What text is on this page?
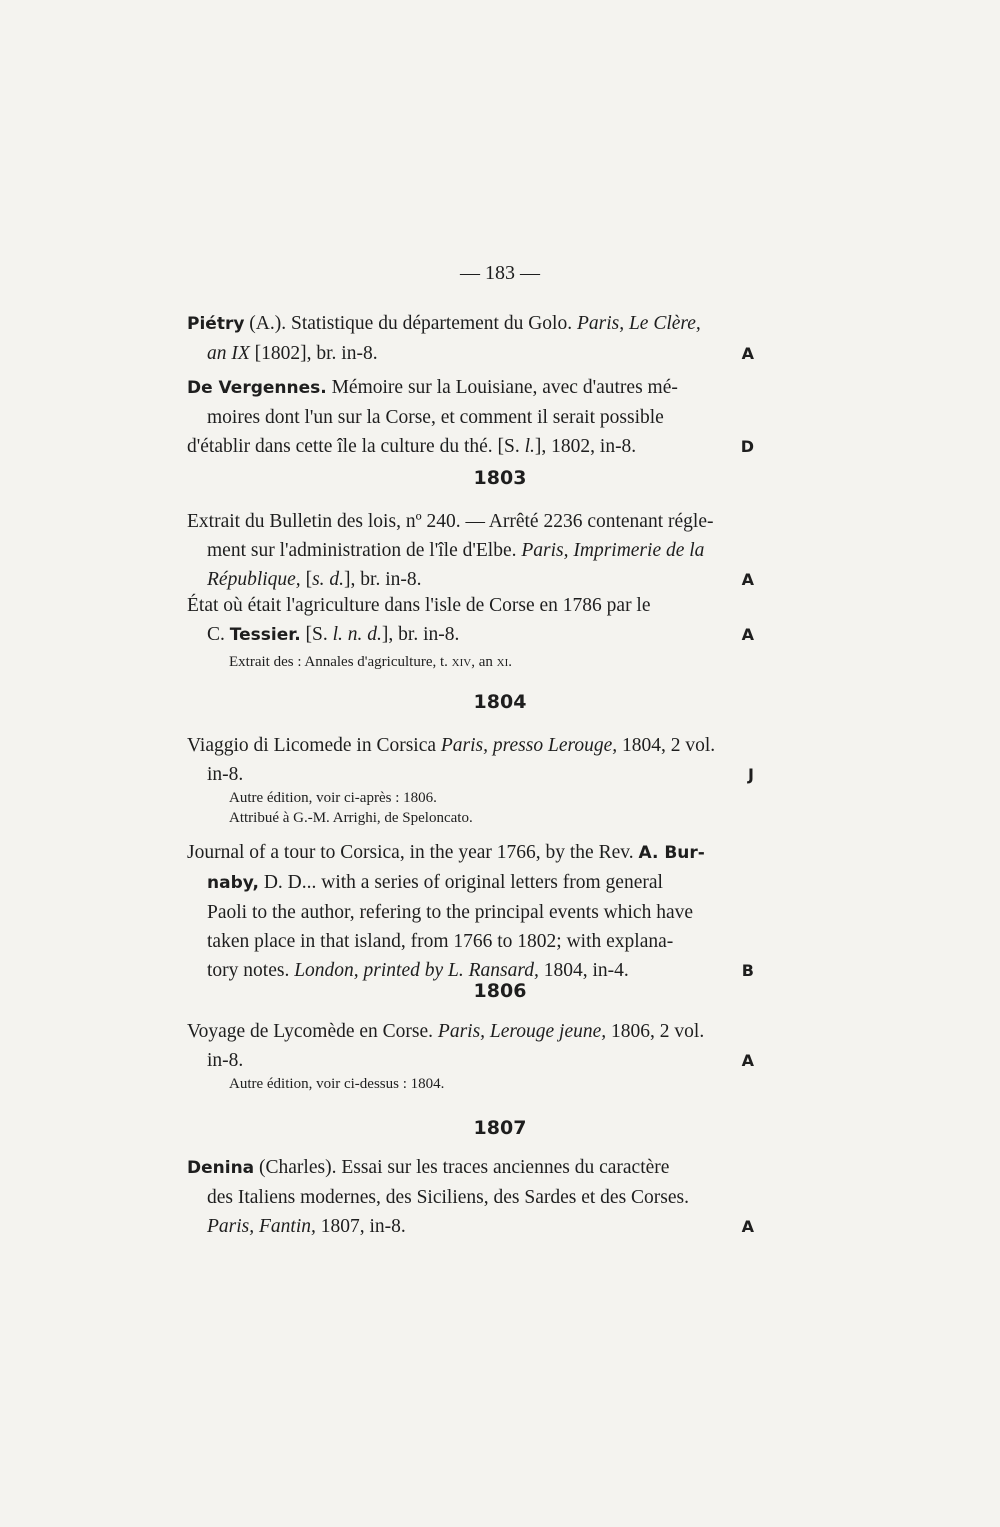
— 183 —
Piétry (A.). Statistique du département du Golo. Paris, Le Clère,
an IX [1802], br. in-8.	A
De Vergennes. Mémoire sur la Louisiane, avec d'autres mé-
moires dont l'un sur la Corse, et comment il serait possible
d'établir dans cette île la culture du thé. [S. l.], 1802, in-8.	D
1803
Extrait du Bulletin des lois, nº 240. — Arrêté 2236 contenant régle-
ment sur l'administration de l'île d'Elbe. Paris, Imprimerie de la
République, [s. d.], br. in-8.	A
État où était l'agriculture dans l'isle de Corse en 1786 par le
C. Tessier. [S. l. n. d.], br. in-8.	A
Extrait des : Annales d'agriculture, t. xiv, an xi.
1804
Viaggio di Licomede in Corsica Paris, presso Lerouge, 1804, 2 vol.
in-8.	J
Autre édition, voir ci-après : 1806.
Attribué à G.-M. Arrighi, de Speloncato.
Journal of a tour to Corsica, in the year 1766, by the Rev. A. Bur-
naby, D. D... with a series of original letters from general
Paoli to the author, refering to the principal events which have
taken place in that island, from 1766 to 1802; with explana-
tory notes. London, printed by L. Ransard, 1804, in-4.	B
1806
Voyage de Lycomède en Corse. Paris, Lerouge jeune, 1806, 2 vol.
in-8.	A
Autre édition, voir ci-dessus : 1804.
1807
Denina (Charles). Essai sur les traces anciennes du caractère
des Italiens modernes, des Siciliens, des Sardes et des Corses.
Paris, Fantin, 1807, in-8.	A
